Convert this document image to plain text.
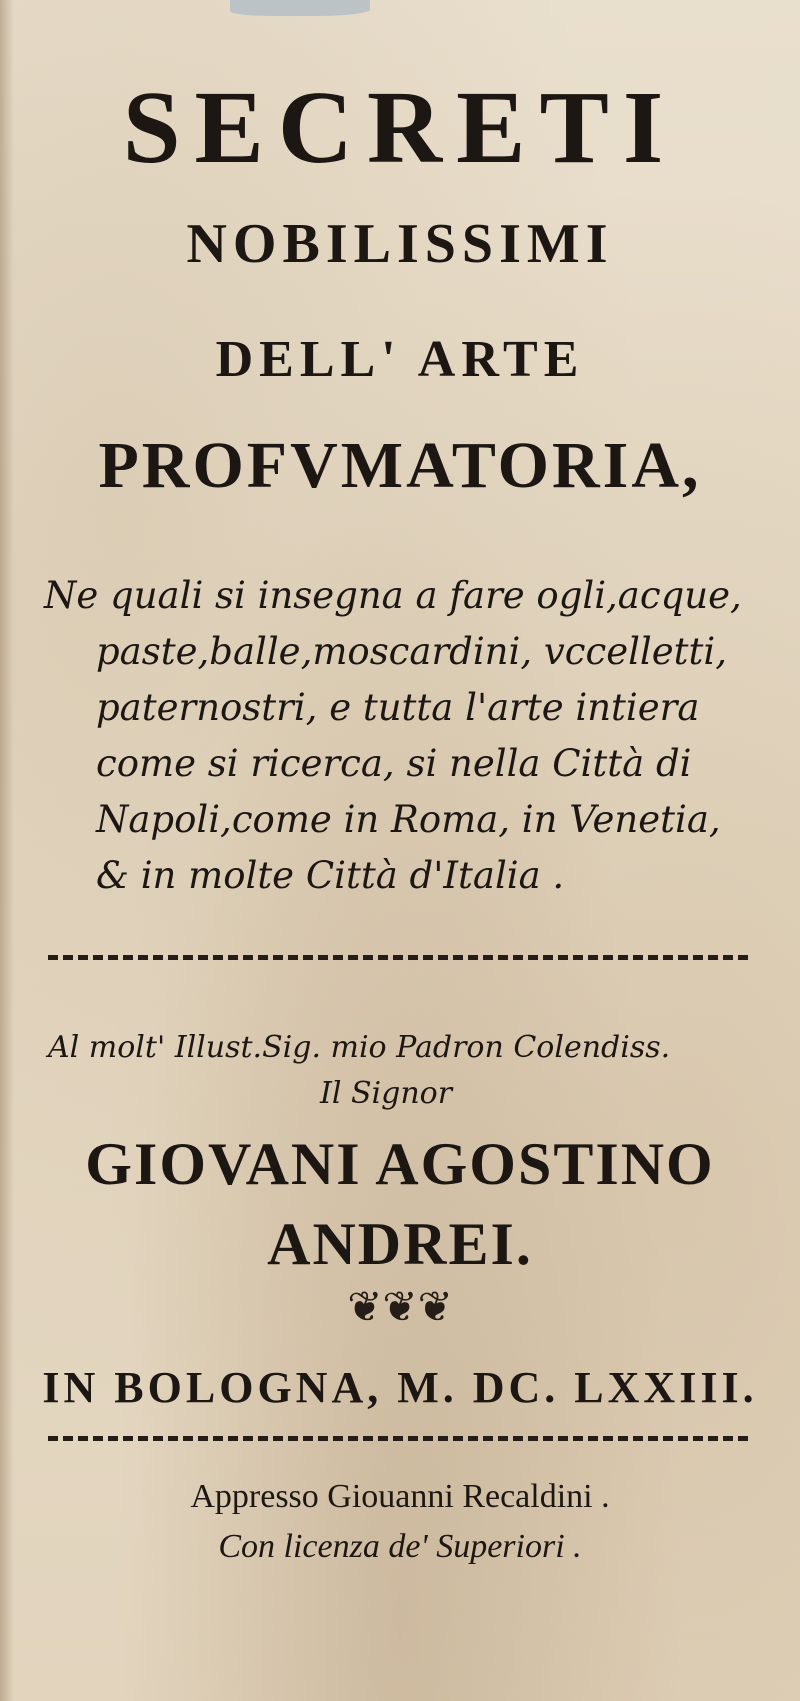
SECRETI
NOBILISSIMI
DELL' ARTE
PROFVMATORIA,
Ne quali si insegna a fare ogli,acque,
paste,balle,moscardini, vccelletti,
paternostri, e tutta l'arte intiera
come si ricerca, si nella Città di
Napoli,come in Roma, in Venetia,
& in molte Città d'Italia .
Al molt' Illust.Sig. mio Padron Colendiss.
Il Signor
GIOVANI AGOSTINO
ANDREI.
❦❦❦
IN BOLOGNA, M. DC. LXXIII.
Appresso Giouanni Recaldini .
Con licenza de' Superiori .
